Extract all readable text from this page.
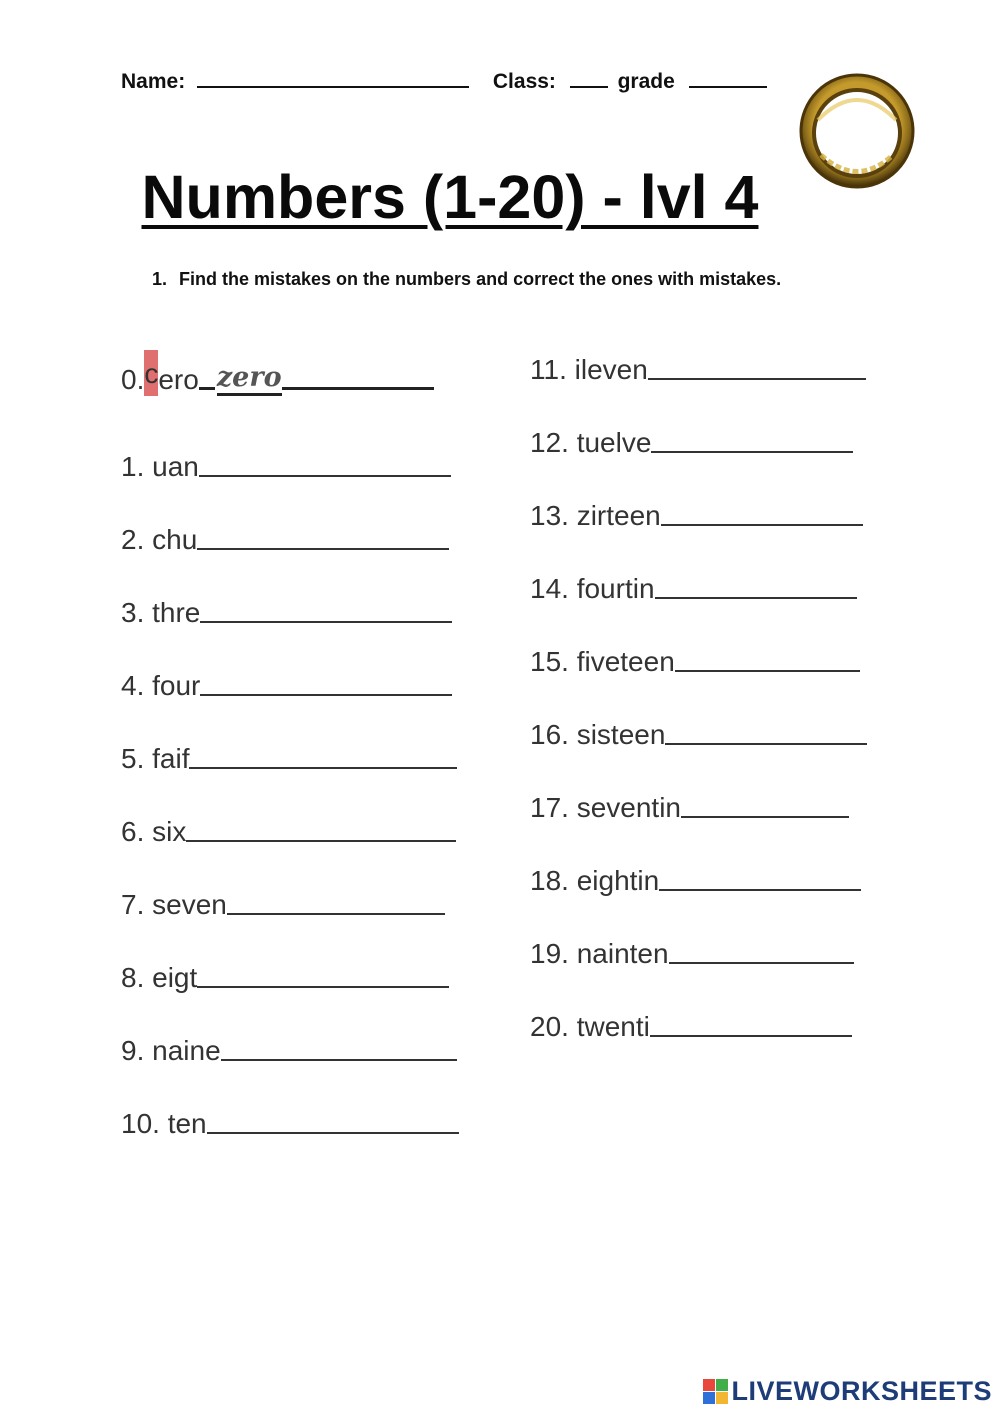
Name:	Class:	grade
Numbers (1-20) - lvl 4
1. Find the mistakes on the numbers and correct the ones with mistakes.
0. c ero zero
1. uan
2. chu
3. thre
4. four
5. faif
6. six
7. seven
8. eigt
9. naine
10. ten
11. ileven
12. tuelve
13. zirteen
14. fourtin
15. fiveteen
16. sisteen
17. seventin
18. eightin
19. nainten
20. twenti
LIVEWORKSHEETS
